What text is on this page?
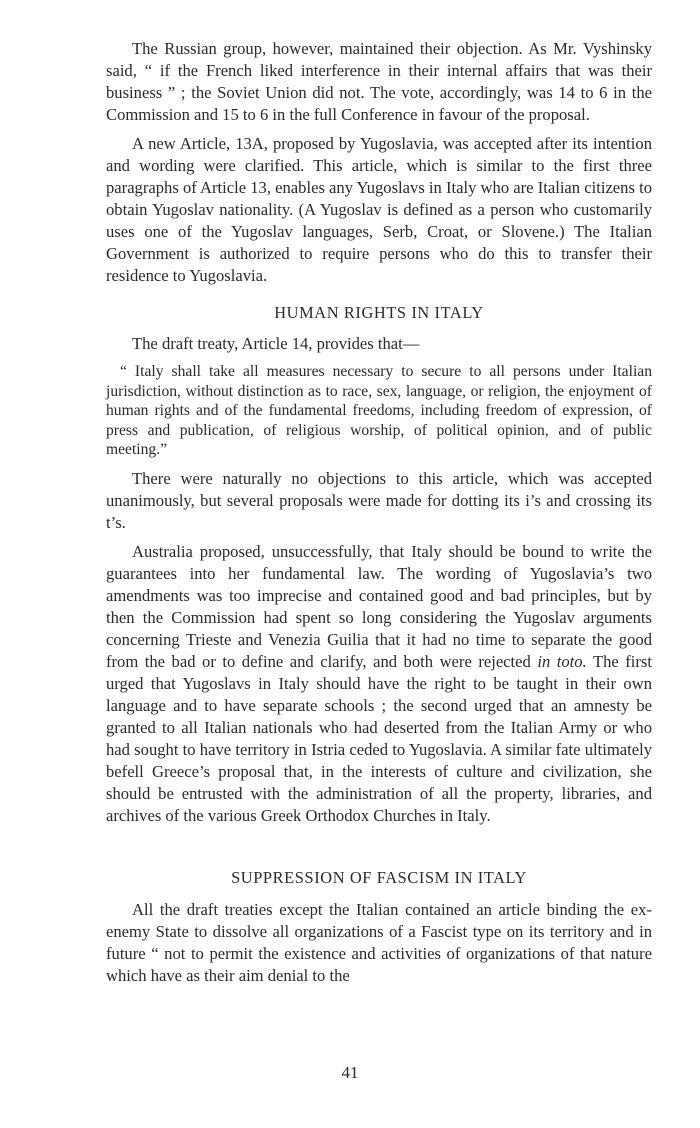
The Russian group, however, maintained their objection. As Mr. Vyshinsky said, “ if the French liked interference in their internal affairs that was their business ” ; the Soviet Union did not. The vote, accordingly, was 14 to 6 in the Commission and 15 to 6 in the full Conference in favour of the proposal.

A new Article, 13A, proposed by Yugoslavia, was accepted after its intention and wording were clarified. This article, which is similar to the first three paragraphs of Article 13, enables any Yugoslavs in Italy who are Italian citizens to obtain Yugoslav nationality. (A Yugoslav is defined as a person who customarily uses one of the Yugoslav languages, Serb, Croat, or Slovene.) The Italian Government is authorized to require persons who do this to transfer their residence to Yugoslavia.

HUMAN RIGHTS IN ITALY

The draft treaty, Article 14, provides that—

“ Italy shall take all measures necessary to secure to all persons under Italian jurisdiction, without distinction as to race, sex, language, or religion, the enjoyment of human rights and of the fundamental freedoms, including freedom of expression, of press and publication, of religious worship, of political opinion, and of public meeting.”

There were naturally no objections to this article, which was accepted unanimously, but several proposals were made for dotting its i’s and crossing its t’s.

Australia proposed, unsuccessfully, that Italy should be bound to write the guarantees into her fundamental law. The wording of Yugoslavia’s two amendments was too imprecise and contained good and bad principles, but by then the Commission had spent so long considering the Yugoslav arguments concerning Trieste and Venezia Guilia that it had no time to separate the good from the bad or to define and clarify, and both were rejected in toto. The first urged that Yugoslavs in Italy should have the right to be taught in their own language and to have separate schools ; the second urged that an amnesty be granted to all Italian nationals who had deserted from the Italian Army or who had sought to have territory in Istria ceded to Yugoslavia. A similar fate ultimately befell Greece’s proposal that, in the interests of culture and civilization, she should be entrusted with the administration of all the property, libraries, and archives of the various Greek Orthodox Churches in Italy.

SUPPRESSION OF FASCISM IN ITALY

All the draft treaties except the Italian contained an article binding the ex-enemy State to dissolve all organizations of a Fascist type on its territory and in future “ not to permit the existence and activities of organizations of that nature which have as their aim denial to the

41
